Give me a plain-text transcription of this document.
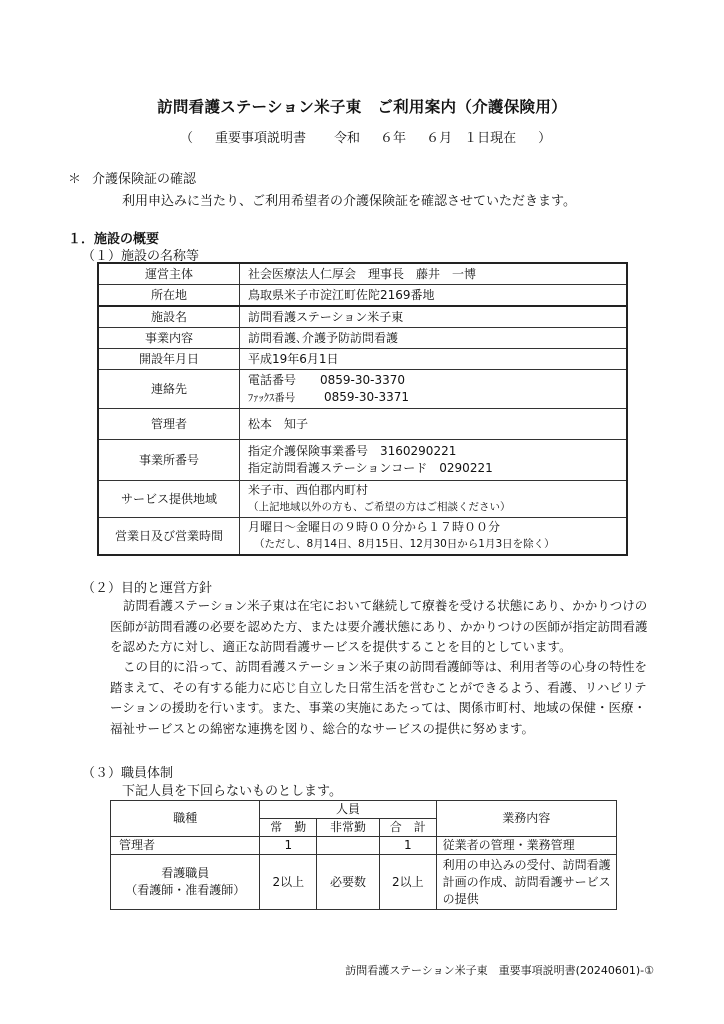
訪問看護ステーション米子東　ご利用案内（介護保険用）
（ 重要事項説明書 令和 ６年 ６月 １日現在 ）
＊ 介護保険証の確認
利用申込みに当たり、ご利用希望者の介護保険証を確認させていただきます。
１．施設の概要
（１）施設の名称等
運営主体	社会医療法人仁厚会　理事長　藤井　一博
所在地	鳥取県米子市淀江町佐陀2169番地
施設名	訪問看護ステーション米子東
事業内容	訪問看護､介護予防訪問看護
開設年月日	平成19年6月1日
連絡先	電話番号 0859-30-3370
ﾌｧｯｸｽ番号 0859-30-3371

管理者	松本　知子
事業所番号	指定介護保険事業番号　3160290221
指定訪問看護ステーションコード　0290221

サービス提供地域	米子市、西伯郡内町村
（上記地域以外の方も、ご希望の方はご相談ください）

営業日及び営業時間	月曜日～金曜日の９時００分から１７時００分
（ただし、8月14日、8月15日、12月30日から1月3日を除く）
（２）目的と運営方針
訪問看護ステーション米子東は在宅において継続して療養を受ける状態にあり、かかりつけの医師が訪問看護の必要を認めた方、または要介護状態にあり、かかりつけの医師が指定訪問看護を認めた方に対し、適正な訪問看護サービスを提供することを目的としています。
この目的に沿って、訪問看護ステーション米子東の訪問看護師等は、利用者等の心身の特性を踏まえて、その有する能力に応じ自立した日常生活を営むことができるよう、看護、リハビリテーションの援助を行います。また、事業の実施にあたっては、関係市町村、地域の保健・医療・福祉サービスとの綿密な連携を図り、総合的なサービスの提供に努めます。
（３）職員体制
下記人員を下回らないものとします。
職種	人員			業務内容
	常　勤	非常勤	合　計	
管理者	1		1	従業者の管理・業務管理

看護職員
（看護師・准看護師）	2以上	必要数	2以上	利用の申込みの受付、訪問看護計画の作成、訪問看護サービスの提供
訪問看護ステーション米子東　重要事項説明書(20240601)-①
